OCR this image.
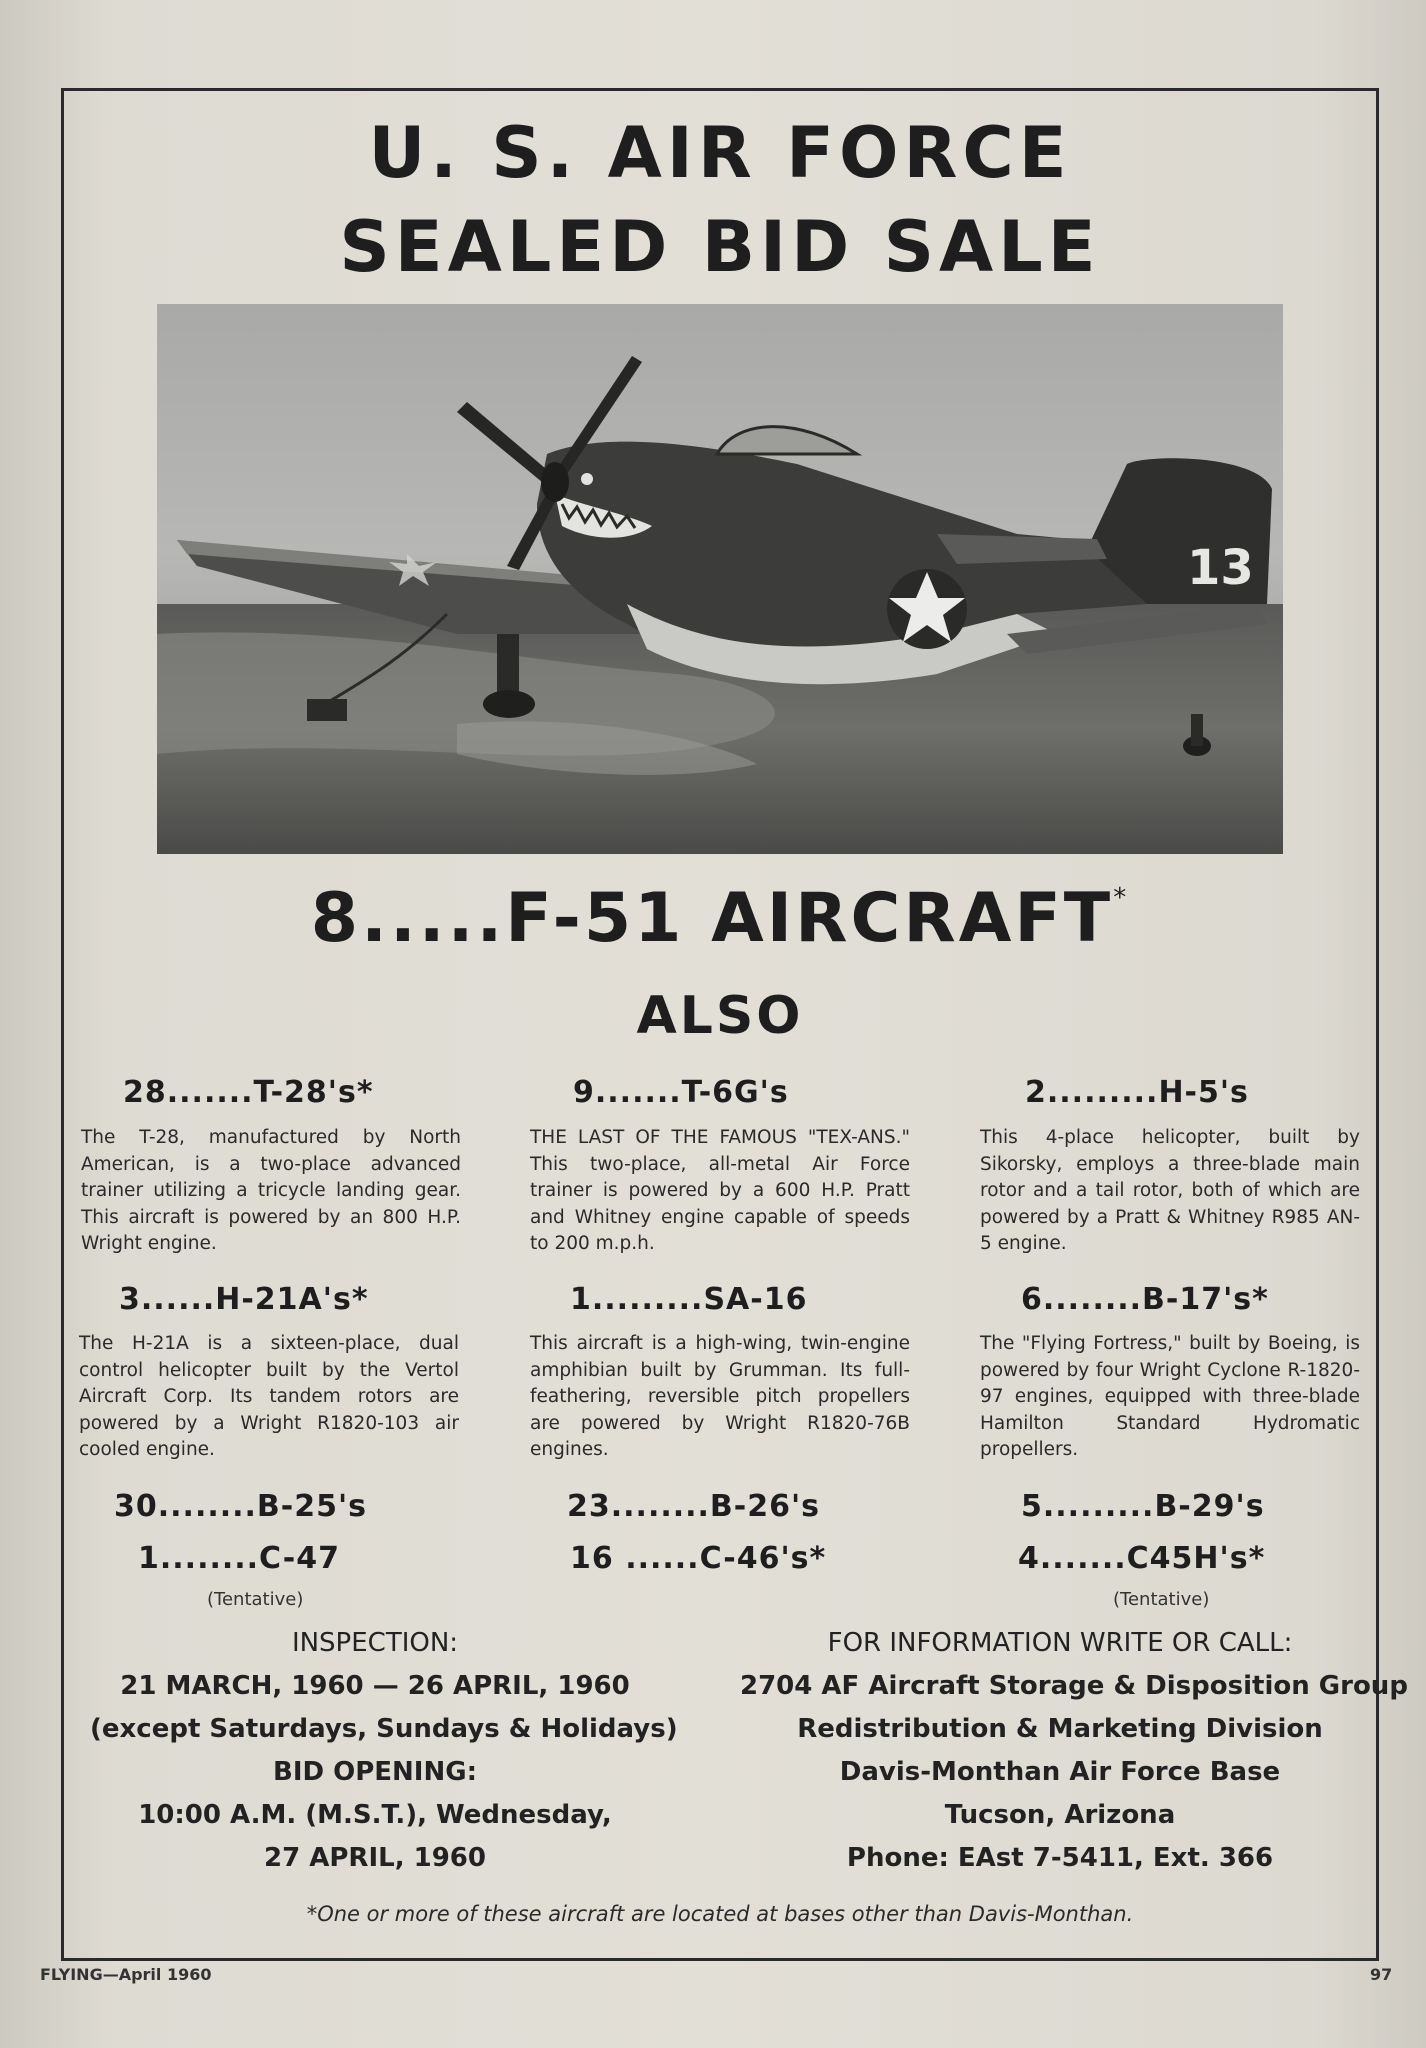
U. S. AIR FORCE
SEALED BID SALE
13
8.....F-51 AIRCRAFT*
ALSO
28.......T-28's*
The T-28, manufactured by North American, is a two-place advanced trainer utilizing a tricycle landing gear. This aircraft is powered by an 800 H.P. Wright engine.
9.......T-6G's
THE LAST OF THE FAMOUS "TEX-ANS." This two-place, all-metal Air Force trainer is powered by a 600 H.P. Pratt and Whitney engine capable of speeds to 200 m.p.h.
2.........H-5's
This 4-place helicopter, built by Sikorsky, employs a three-blade main rotor and a tail rotor, both of which are powered by a Pratt & Whitney R985 AN-5 engine.
3......H-21A's*
The H-21A is a sixteen-place, dual control helicopter built by the Vertol Aircraft Corp. Its tandem rotors are powered by a Wright R1820-103 air cooled engine.
1.........SA-16
This aircraft is a high-wing, twin-engine amphibian built by Grumman. Its full-feathering, reversible pitch propellers are powered by Wright R1820-76B engines.
6........B-17's*
The "Flying Fortress," built by Boeing, is powered by four Wright Cyclone R-1820-97 engines, equipped with three-blade Hamilton Standard Hydromatic propellers.
30........B-25's
1........C-47
(Tentative)
23........B-26's
16 ......C-46's*
5.........B-29's
4.......C45H's*
(Tentative)
INSPECTION:
21 MARCH, 1960 — 26 APRIL, 1960
(except Saturdays, Sundays & Holidays)
BID OPENING:
10:00 A.M. (M.S.T.), Wednesday,
27 APRIL, 1960
FOR INFORMATION WRITE OR CALL:
2704 AF Aircraft Storage & Disposition Group
Redistribution & Marketing Division
Davis-Monthan Air Force Base
Tucson, Arizona
Phone: EAst 7-5411, Ext. 366
*One or more of these aircraft are located at bases other than Davis-Monthan.
FLYING—April 1960	97
